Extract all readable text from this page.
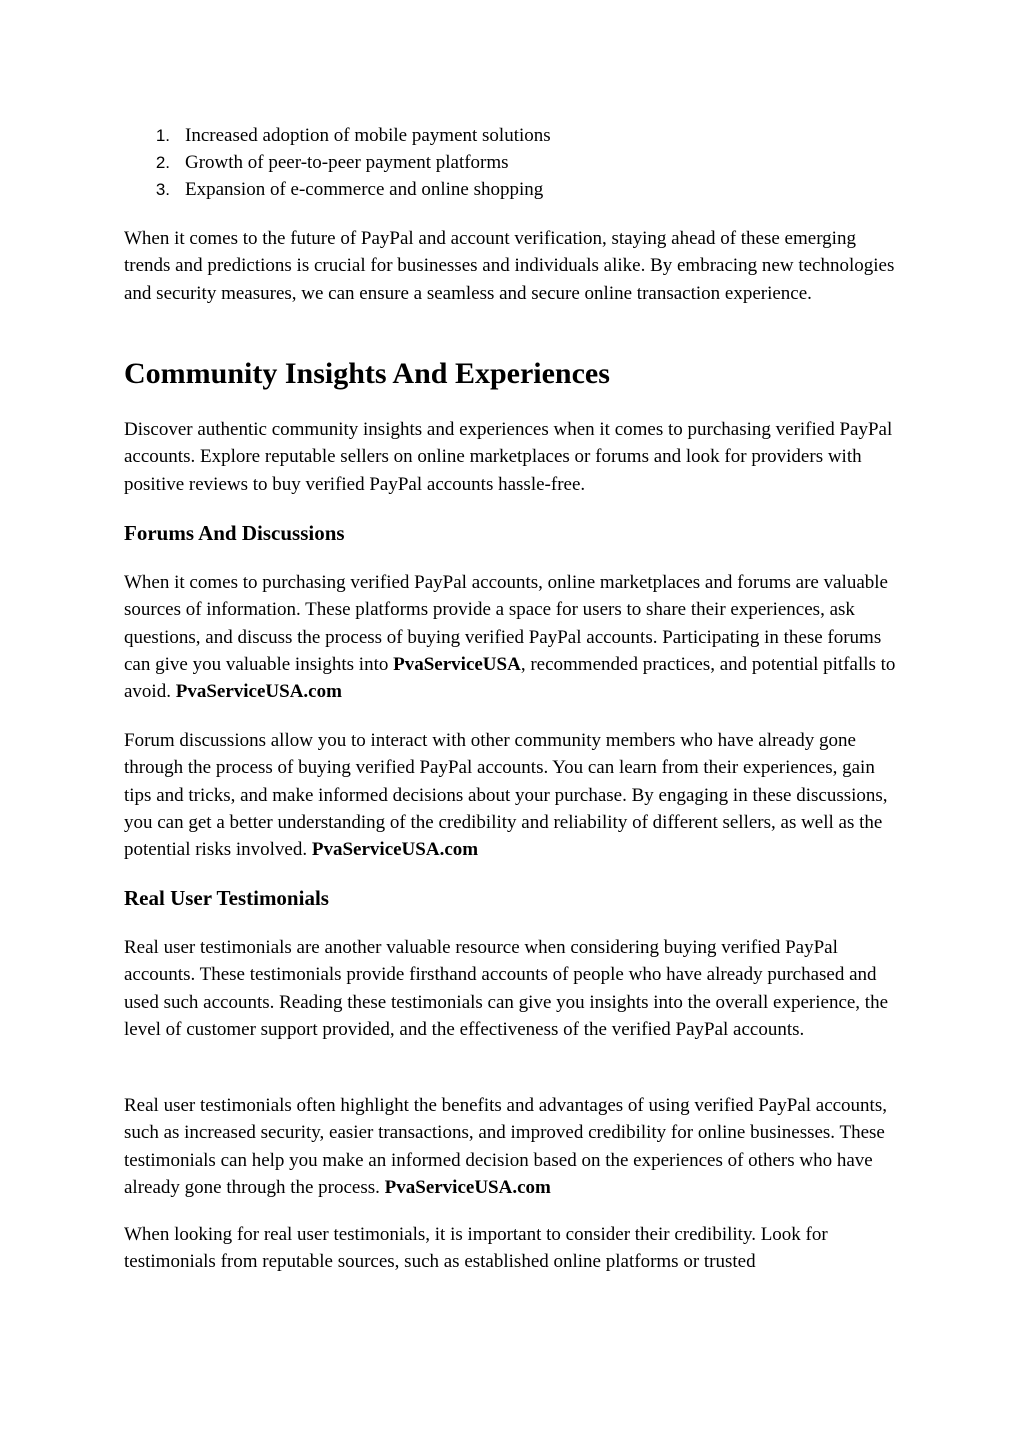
1. Increased adoption of mobile payment solutions
2. Growth of peer-to-peer payment platforms
3. Expansion of e-commerce and online shopping

When it comes to the future of PayPal and account verification, staying ahead of these emerging trends and predictions is crucial for businesses and individuals alike. By embracing new technologies and security measures, we can ensure a seamless and secure online transaction experience.

Community Insights And Experiences

Discover authentic community insights and experiences when it comes to purchasing verified PayPal accounts. Explore reputable sellers on online marketplaces or forums and look for providers with positive reviews to buy verified PayPal accounts hassle-free.

Forums And Discussions

When it comes to purchasing verified PayPal accounts, online marketplaces and forums are valuable sources of information. These platforms provide a space for users to share their experiences, ask questions, and discuss the process of buying verified PayPal accounts. Participating in these forums can give you valuable insights into PvaServiceUSA, recommended practices, and potential pitfalls to avoid. PvaServiceUSA.com

Forum discussions allow you to interact with other community members who have already gone through the process of buying verified PayPal accounts. You can learn from their experiences, gain tips and tricks, and make informed decisions about your purchase. By engaging in these discussions, you can get a better understanding of the credibility and reliability of different sellers, as well as the potential risks involved. PvaServiceUSA.com

Real User Testimonials

Real user testimonials are another valuable resource when considering buying verified PayPal accounts. These testimonials provide firsthand accounts of people who have already purchased and used such accounts. Reading these testimonials can give you insights into the overall experience, the level of customer support provided, and the effectiveness of the verified PayPal accounts.

Real user testimonials often highlight the benefits and advantages of using verified PayPal accounts, such as increased security, easier transactions, and improved credibility for online businesses. These testimonials can help you make an informed decision based on the experiences of others who have already gone through the process. PvaServiceUSA.com

When looking for real user testimonials, it is important to consider their credibility. Look for testimonials from reputable sources, such as established online platforms or trusted
